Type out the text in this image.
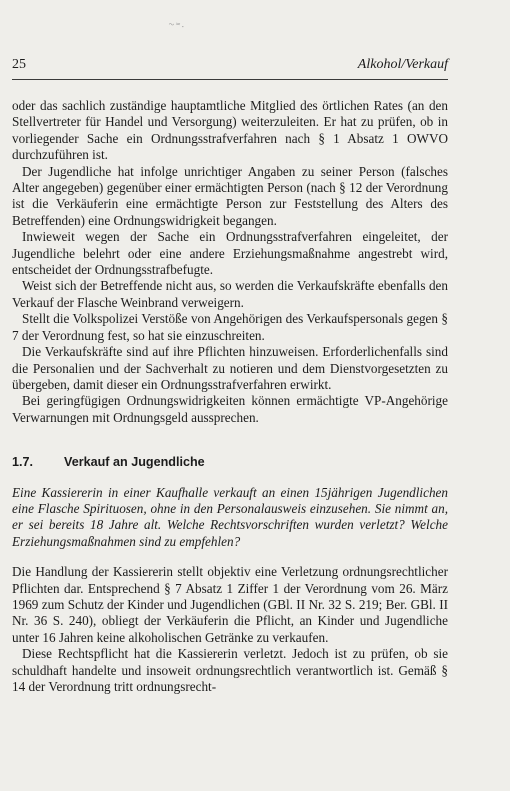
~⁼·
25	Alkohol/Verkauf

oder das sachlich zuständige hauptamtliche Mitglied des örtlichen Rates (an den Stellvertreter für Handel und Versorgung) weiterzuleiten. Er hat zu prüfen, ob in vorliegender Sache ein Ordnungsstrafverfahren nach § 1 Absatz 1 OWVO durchzuführen ist.

Der Jugendliche hat infolge unrichtiger Angaben zu seiner Person (falsches Alter angegeben) gegenüber einer ermächtigten Person (nach § 12 der Verordnung ist die Verkäuferin eine ermächtigte Person zur Feststellung des Alters des Betreffenden) eine Ordnungswidrigkeit begangen.

Inwieweit wegen der Sache ein Ordnungsstrafverfahren eingeleitet, der Jugendliche belehrt oder eine andere Erziehungsmaßnahme angestrebt wird, entscheidet der Ordnungsstrafbefugte.

Weist sich der Betreffende nicht aus, so werden die Verkaufskräfte ebenfalls den Verkauf der Flasche Weinbrand verweigern.

Stellt die Volkspolizei Verstöße von Angehörigen des Verkaufspersonals gegen § 7 der Verordnung fest, so hat sie einzuschreiten.

Die Verkaufskräfte sind auf ihre Pflichten hinzuweisen. Erforderlichenfalls sind die Personalien und der Sachverhalt zu notieren und dem Dienstvorgesetzten zu übergeben, damit dieser ein Ordnungsstrafverfahren erwirkt.

Bei geringfügigen Ordnungswidrigkeiten können ermächtigte VP-Angehörige Verwarnungen mit Ordnungsgeld aussprechen.

1.7. Verkauf an Jugendliche

Eine Kassiererin in einer Kaufhalle verkauft an einen 15jährigen Jugendlichen eine Flasche Spirituosen, ohne in den Personalausweis einzusehen. Sie nimmt an, er sei bereits 18 Jahre alt. Welche Rechtsvorschriften wurden verletzt? Welche Erziehungsmaßnahmen sind zu empfehlen?

Die Handlung der Kassiererin stellt objektiv eine Verletzung ordnungsrechtlicher Pflichten dar. Entsprechend § 7 Absatz 1 Ziffer 1 der Verordnung vom 26. März 1969 zum Schutz der Kinder und Jugendlichen (GBl. II Nr. 32 S. 219; Ber. GBl. II Nr. 36 S. 240), obliegt der Verkäuferin die Pflicht, an Kinder und Jugendliche unter 16 Jahren keine alkoholischen Getränke zu verkaufen.

Diese Rechtspflicht hat die Kassiererin verletzt. Jedoch ist zu prüfen, ob sie schuldhaft handelte und insoweit ordnungsrechtlich verantwortlich ist. Gemäß § 14 der Verordnung tritt ordnungsrecht-
